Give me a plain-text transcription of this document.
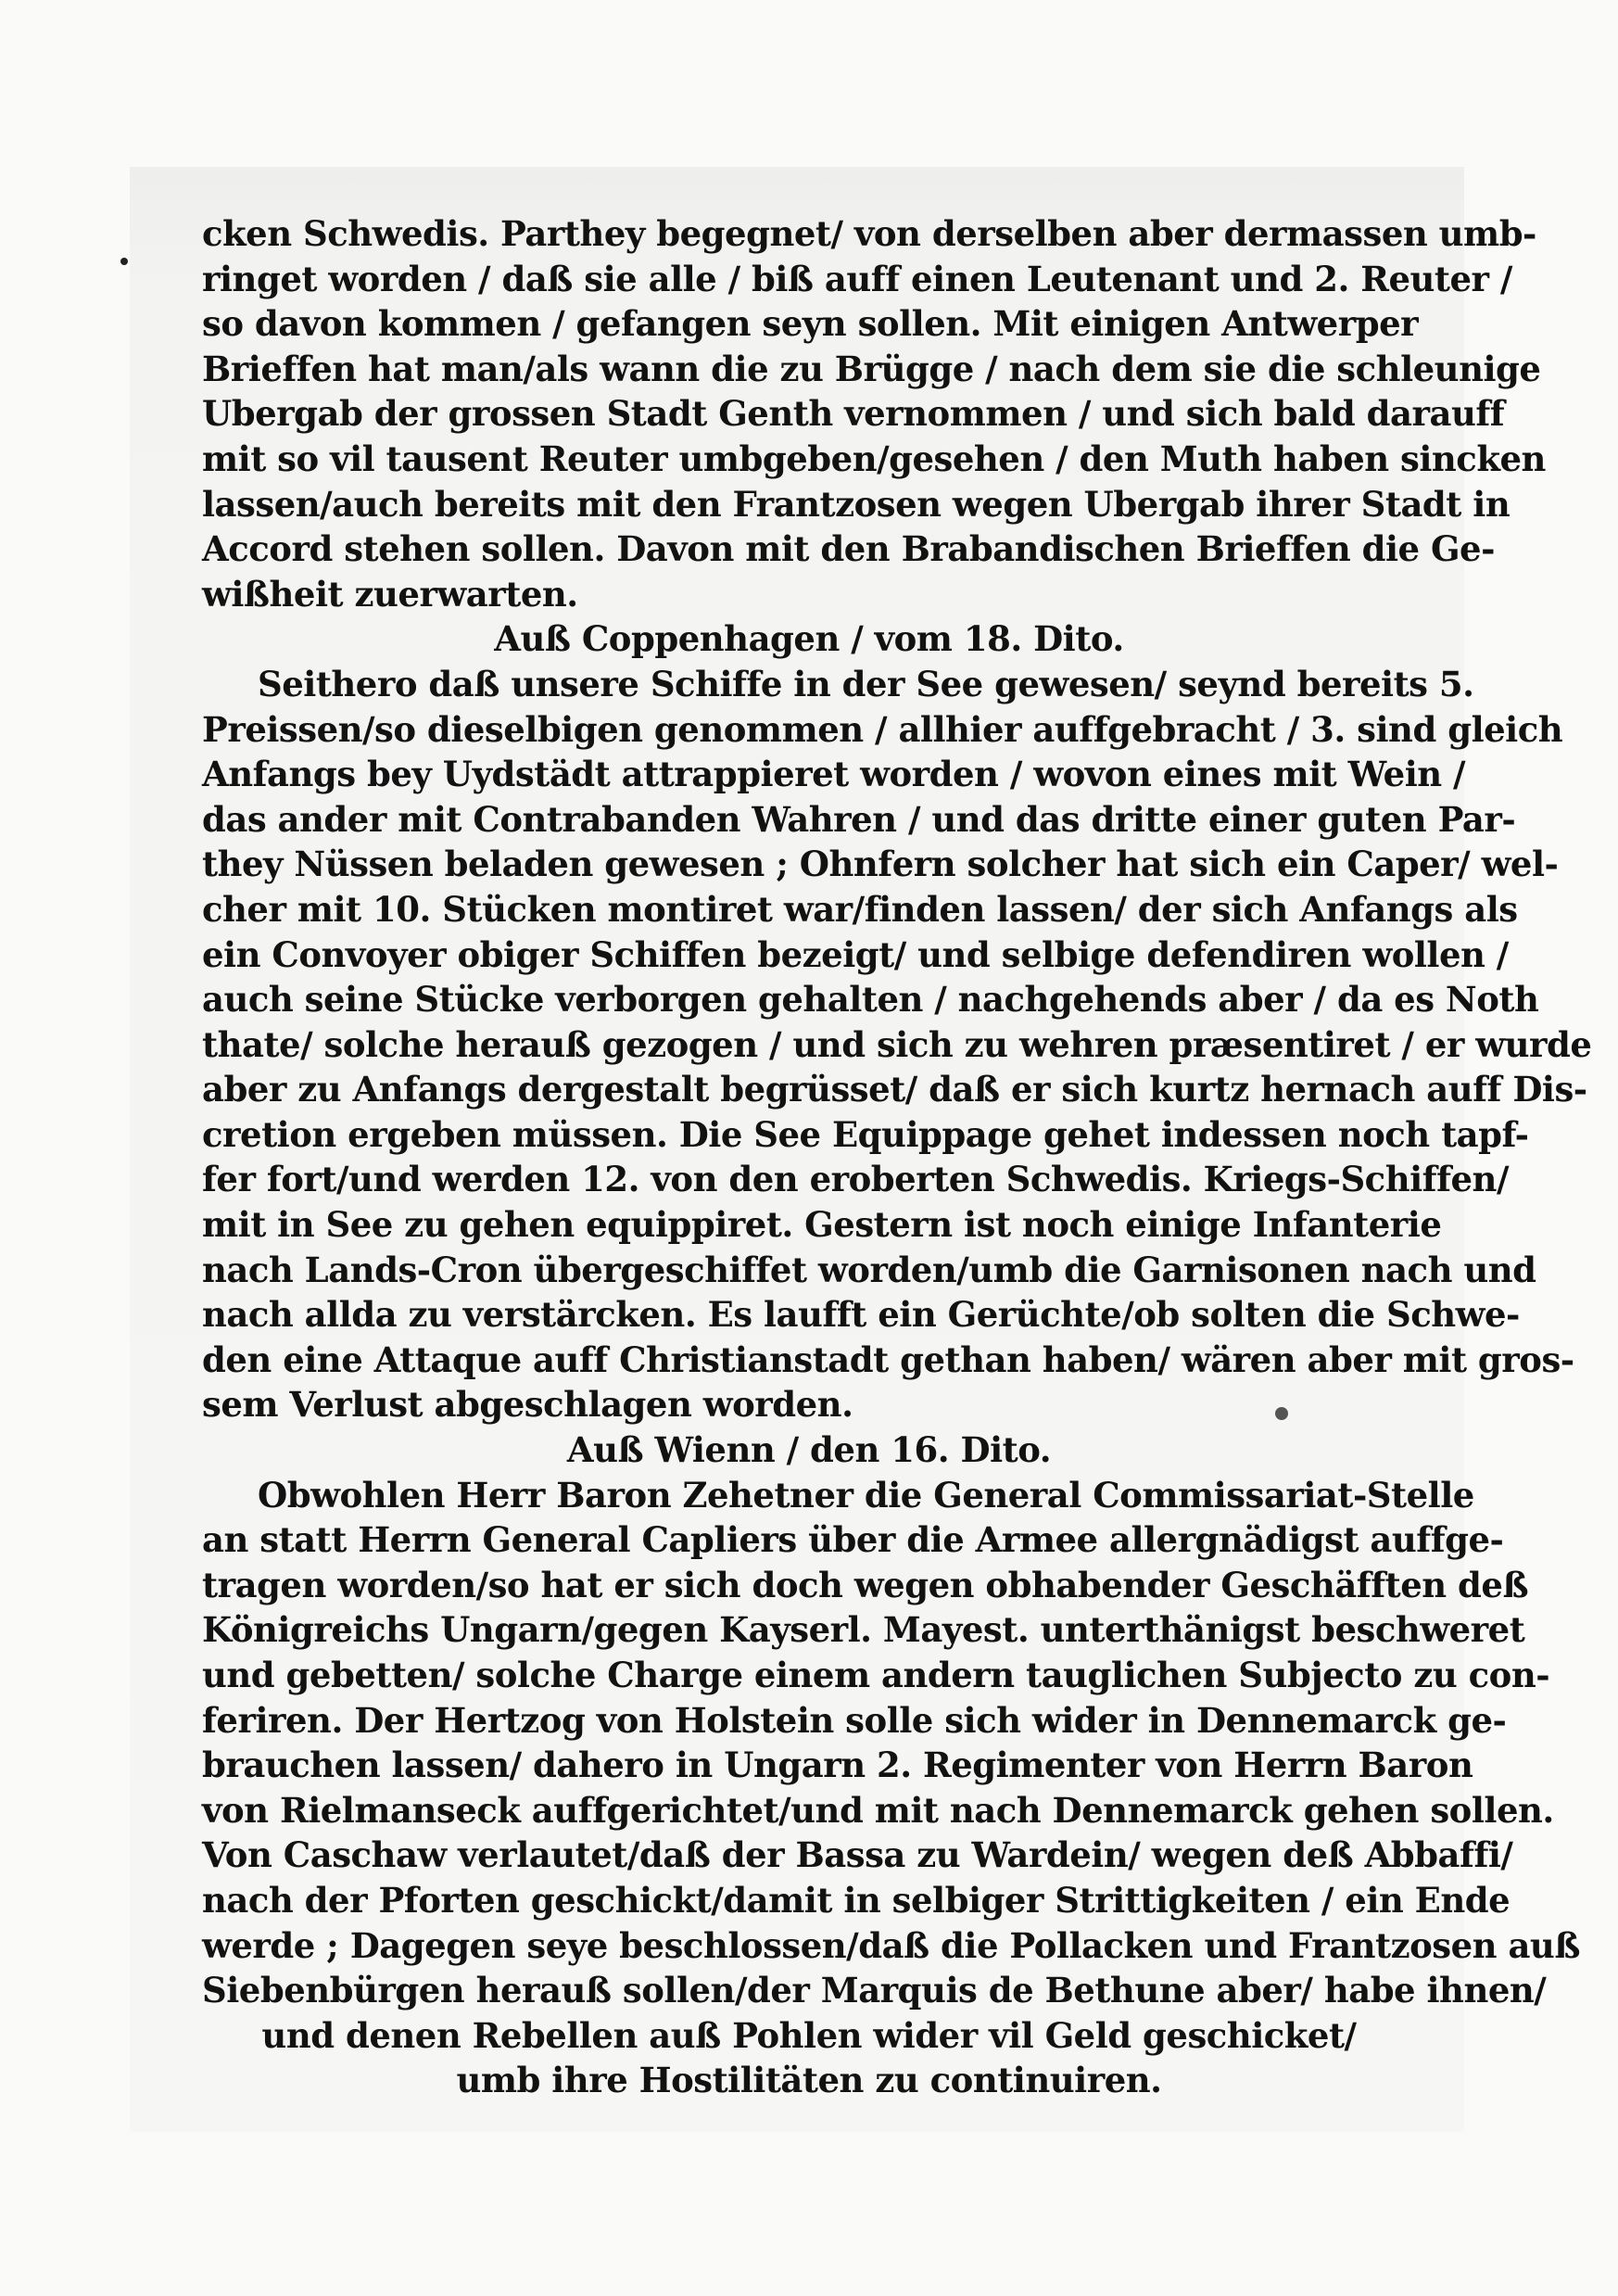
cken Schwedis. Parthey begegnet/ von derselben aber dermassen umb-
ringet worden / daß sie alle / biß auff einen Leutenant und 2. Reuter /
so davon kommen / gefangen seyn sollen. Mit einigen Antwerper
Brieffen hat man/als wann die zu Brügge / nach dem sie die schleunige
Ubergab der grossen Stadt Genth vernommen / und sich bald darauff
mit so vil tausent Reuter umbgeben/gesehen / den Muth haben sincken
lassen/auch bereits mit den Frantzosen wegen Ubergab ihrer Stadt in
Accord stehen sollen. Davon mit den Brabandischen Brieffen die Ge-
wißheit zuerwarten.
Auß Coppenhagen / vom 18. Dito.
Seithero daß unsere Schiffe in der See gewesen/ seynd bereits 5.
Preissen/so dieselbigen genommen / allhier auffgebracht / 3. sind gleich
Anfangs bey Uydstädt attrappieret worden / wovon eines mit Wein /
das ander mit Contrabanden Wahren / und das dritte einer guten Par-
they Nüssen beladen gewesen ; Ohnfern solcher hat sich ein Caper/ wel-
cher mit 10. Stücken montiret war/finden lassen/ der sich Anfangs als
ein Convoyer obiger Schiffen bezeigt/ und selbige defendiren wollen /
auch seine Stücke verborgen gehalten / nachgehends aber / da es Noth
thate/ solche herauß gezogen / und sich zu wehren præsentiret / er wurde
aber zu Anfangs dergestalt begrüsset/ daß er sich kurtz hernach auff Dis-
cretion ergeben müssen. Die See Equippage gehet indessen noch tapf-
fer fort/und werden 12. von den eroberten Schwedis. Kriegs-Schiffen/
mit in See zu gehen equippiret. Gestern ist noch einige Infanterie
nach Lands-Cron übergeschiffet worden/umb die Garnisonen nach und
nach allda zu verstärcken. Es laufft ein Gerüchte/ob solten die Schwe-
den eine Attaque auff Christianstadt gethan haben/ wären aber mit gros-
sem Verlust abgeschlagen worden.
Auß Wienn / den 16. Dito.
Obwohlen Herr Baron Zehetner die General Commissariat-Stelle
an statt Herrn General Capliers über die Armee allergnädigst auffge-
tragen worden/so hat er sich doch wegen obhabender Geschäfften deß
Königreichs Ungarn/gegen Kayserl. Mayest. unterthänigst beschweret
und gebetten/ solche Charge einem andern tauglichen Subjecto zu con-
feriren. Der Hertzog von Holstein solle sich wider in Dennemarck ge-
brauchen lassen/ dahero in Ungarn 2. Regimenter von Herrn Baron
von Rielmanseck auffgerichtet/und mit nach Dennemarck gehen sollen.
Von Caschaw verlautet/daß der Bassa zu Wardein/ wegen deß Abbaffi/
nach der Pforten geschickt/damit in selbiger Strittigkeiten / ein Ende
werde ; Dagegen seye beschlossen/daß die Pollacken und Frantzosen auß
Siebenbürgen herauß sollen/der Marquis de Bethune aber/ habe ihnen/
und denen Rebellen auß Pohlen wider vil Geld geschicket/
umb ihre Hostilitäten zu continuiren.
